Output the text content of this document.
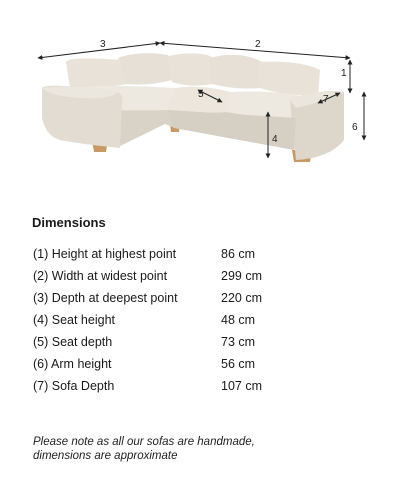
3	2
1
6
4
5	7
Dimensions
(1) Height at highest point	86 cm
(2) Width at widest point	299 cm
(3) Depth at deepest point	220 cm
(4) Seat height	48 cm
(5) Seat depth	73 cm
(6) Arm height	56 cm
(7) Sofa Depth	107 cm
Please note as all our sofas are handmade,
dimensions are approximate
